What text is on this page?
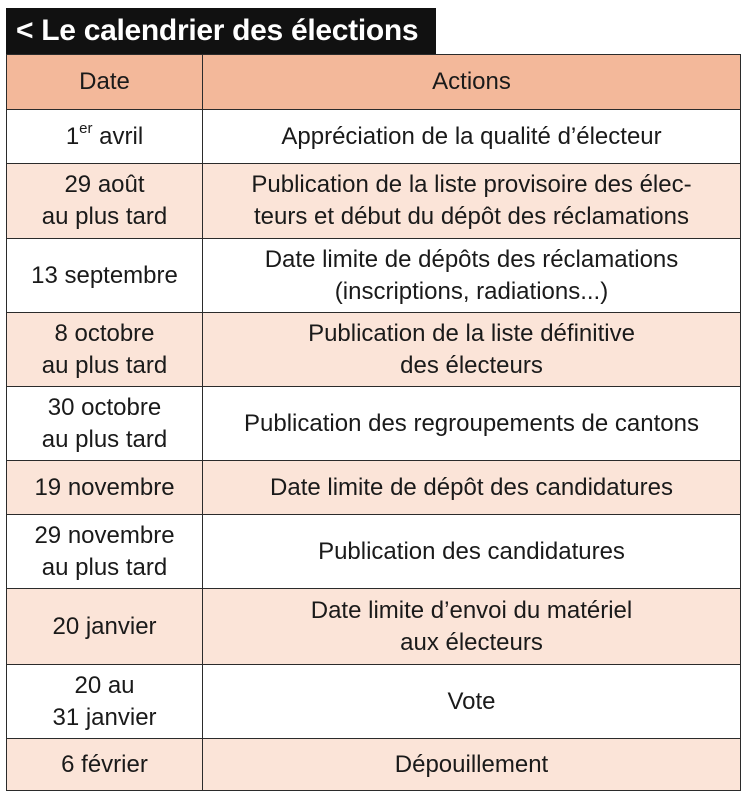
< Le calendrier des élections
Date	Actions

1er avril	Appréciation de la qualité d’électeur

29 août
au plus tard	Publication de la liste provisoire des élec-
teurs et début du dépôt des réclamations

13 septembre	Date limite de dépôts des réclamations
(inscriptions, radiations...)

8 octobre
au plus tard	Publication de la liste définitive
des électeurs

30 octobre
au plus tard	Publication des regroupements de cantons

19 novembre	Date limite de dépôt des candidatures

29 novembre
au plus tard	Publication des candidatures

20 janvier	Date limite d’envoi du matériel
aux électeurs

20 au
31 janvier	Vote

6 février	Dépouillement
